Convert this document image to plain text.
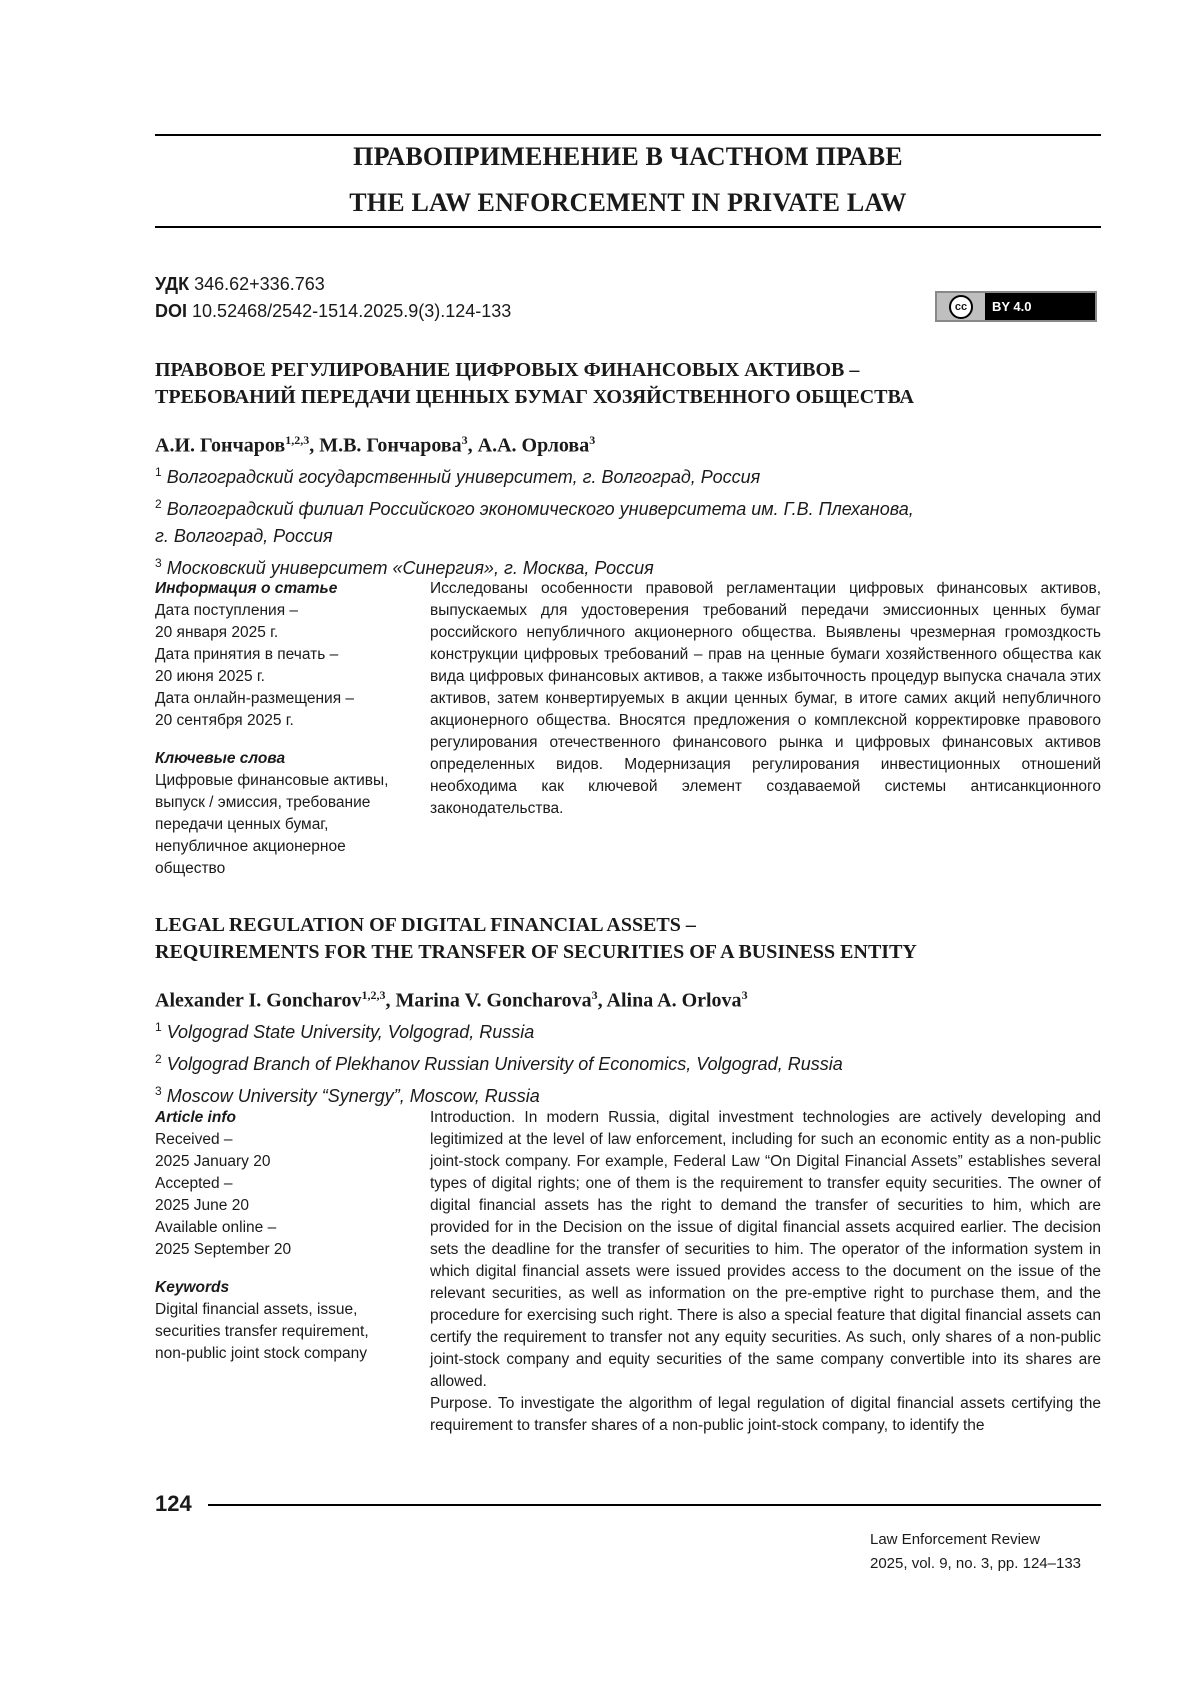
ПРАВОПРИМЕНЕНИЕ В ЧАСТНОМ ПРАВЕ
THE LAW ENFORCEMENT IN PRIVATE LAW
УДК 346.62+336.763
DOI 10.52468/2542-1514.2025.9(3).124-133	cc	BY 4.0
ПРАВОВОЕ РЕГУЛИРОВАНИЕ ЦИФРОВЫХ ФИНАНСОВЫХ АКТИВОВ –
ТРЕБОВАНИЙ ПЕРЕДАЧИ ЦЕННЫХ БУМАГ ХОЗЯЙСТВЕННОГО ОБЩЕСТВА
А.И. Гончаров$^{1,2,3}$, М.В. Гончарова$^3$, А.А. Орлова$^3$
$^1$ Волгоградский государственный университет, г. Волгоград, Россия
$^2$ Волгоградский филиал Российского экономического университета им. Г.В. Плеханова,
г. Волгоград, Россия
$^3$ Московский университет «Синергия», г. Москва, Россия
Информация о статье
Дата поступления –
20 января 2025 г.
Дата принятия в печать –
20 июня 2025 г.
Дата онлайн-размещения –
20 сентября 2025 г.
Ключевые слова
Цифровые финансовые активы,
выпуск / эмиссия, требование
передачи ценных бумаг,
непубличное акционерное
общество

Исследованы особенности правовой регламентации цифровых финансовых активов, выпускаемых для удостоверения требований передачи эмиссионных ценных бумаг российского непубличного акционерного общества. Выявлены чрезмерная громоздкость конструкции цифровых требований – прав на ценные бумаги хозяйственного общества как вида цифровых финансовых активов, а также избыточность процедур выпуска сначала этих активов, затем конвертируемых в акции ценных бумаг, в итоге самих акций непубличного акционерного общества. Вносятся предложения о комплексной корректировке правового регулирования отечественного финансового рынка и цифровых финансовых активов определенных видов. Модернизация регулирования инвестиционных отношений необходима как ключевой элемент создаваемой системы антисанкционного законодательства.

LEGAL REGULATION OF DIGITAL FINANCIAL ASSETS –
REQUIREMENTS FOR THE TRANSFER OF SECURITIES OF A BUSINESS ENTITY
Alexander I. Goncharov$^{1,2,3}$, Marina V. Goncharova$^3$, Alina A. Orlova$^3$
$^1$ Volgograd State University, Volgograd, Russia
$^2$ Volgograd Branch of Plekhanov Russian University of Economics, Volgograd, Russia
$^3$ Moscow University “Synergy”, Moscow, Russia
Article info
Received –
2025 January 20
Accepted –
2025 June 20
Available online –
2025 September 20
Keywords
Digital financial assets, issue,
securities transfer requirement,
non-public joint stock company

Introduction. In modern Russia, digital investment technologies are actively developing and legitimized at the level of law enforcement, including for such an economic entity as a non-public joint-stock company. For example, Federal Law “On Digital Financial Assets” establishes several types of digital rights; one of them is the requirement to transfer equity securities. The owner of digital financial assets has the right to demand the transfer of securities to him, which are provided for in the Decision on the issue of digital financial assets acquired earlier. The decision sets the deadline for the transfer of securities to him. The operator of the information system in which digital financial assets were issued provides access to the document on the issue of the relevant securities, as well as information on the pre-emptive right to purchase them, and the procedure for exercising such right. There is also a special feature that digital financial assets can certify the requirement to transfer not any equity securities. As such, only shares of a non-public joint-stock company and equity securities of the same company convertible into its shares are allowed.

Purpose. To investigate the algorithm of legal regulation of digital financial assets certifying the requirement to transfer shares of a non-public joint-stock company, to identify the

124
Law Enforcement Review
2025, vol. 9, no. 3, pp. 124–133
